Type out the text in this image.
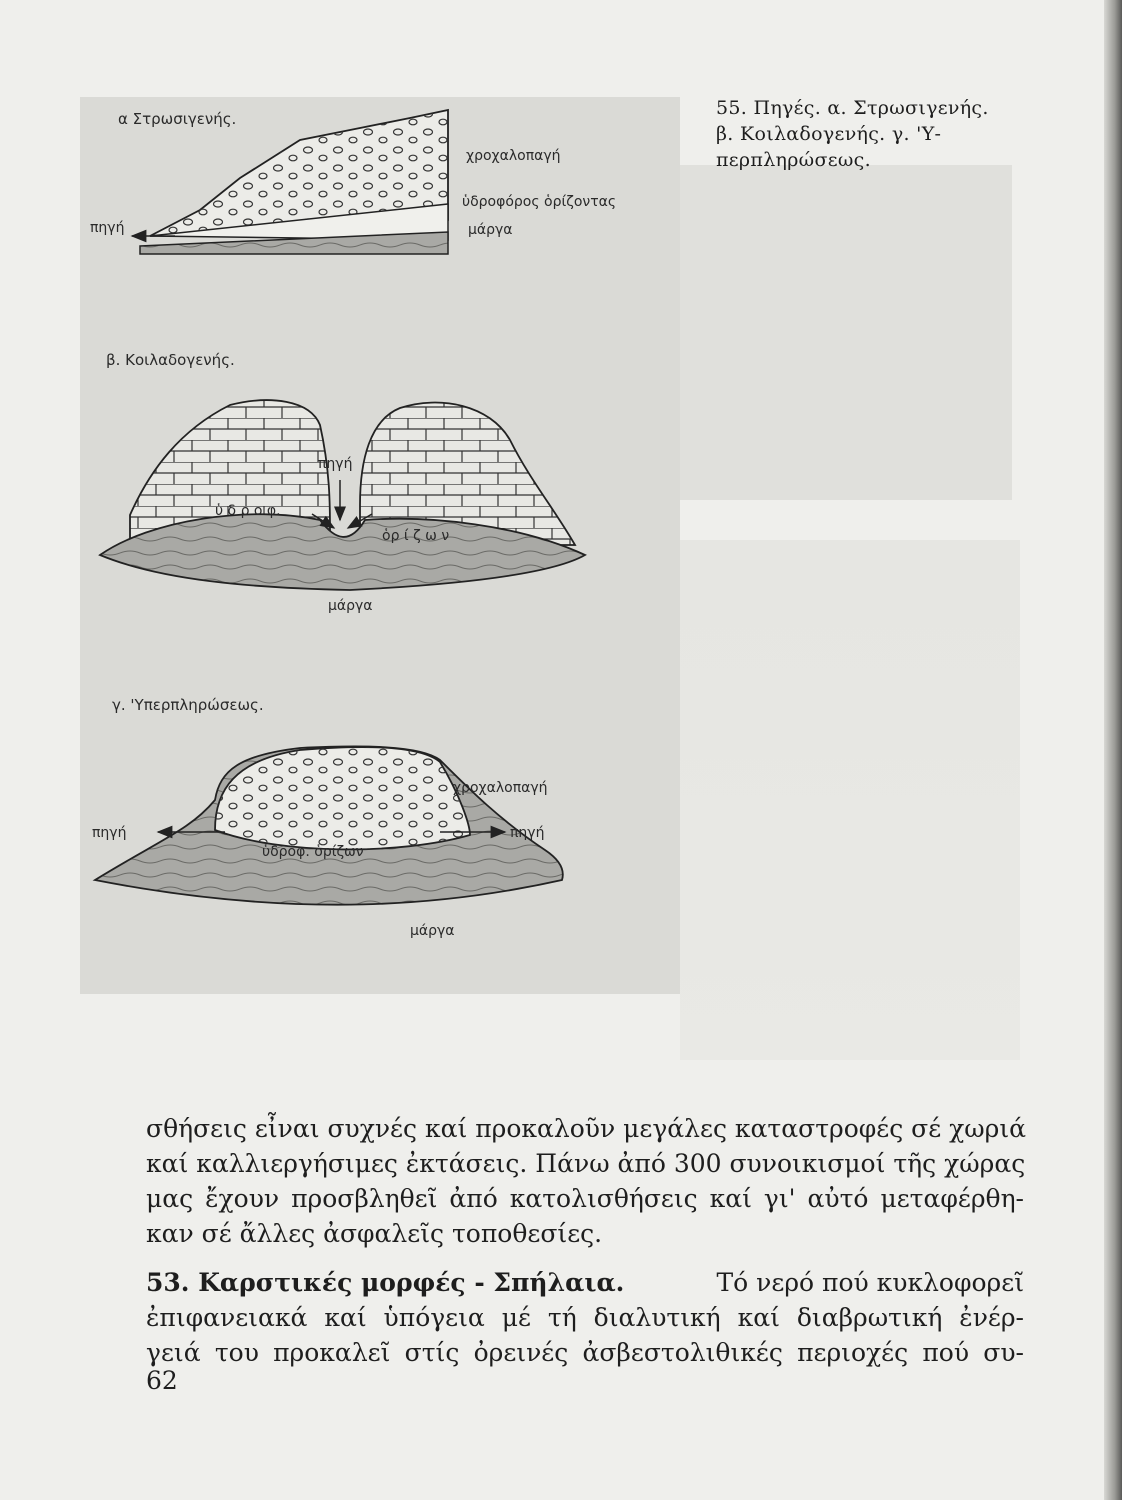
α Στρωσιγενής.
χροχαλοπαγή
ὑδροφόρος ὁρίζοντας
μάργα
πηγή
β. Κοιλαδογενής.
πηγή
ὑ δ ρ ο φ.
ὁρ ί ζ ω ν
μάργα
γ. 'Υπερπληρώσεως.
χροχαλοπαγή
πηγή	πηγή
ὑδροφ. ὁρίζων
μάργα
55. Πηγές. α. Στρωσιγενής.
β. Κοιλαδογενής. γ. 'Υ-
περπληρώσεως.
σθήσεις εἶναι συχνές καί προκαλοῦν μεγάλες καταστροφές σέ χωριά
καί καλλιεργήσιμες ἐκτάσεις. Πάνω ἀπό 300 συνοικισμοί τῆς χώρας
μας ἔχουν προσβληθεῖ ἀπό κατολισθήσεις καί γι' αὐτό μεταφέρθη-
καν σέ ἄλλες ἀσφαλεῖς τοποθεσίες.
53. Καρστικές μορφές - Σπήλαια.	Τό νερό πού κυκλοφορεῖ
ἐπιφανειακά καί ὑπόγεια μέ τή διαλυτική καί διαβρωτική ἐνέρ-
γειά του προκαλεῖ στίς ὀρεινές ἀσβεστολιθικές περιοχές πού συ-
62
